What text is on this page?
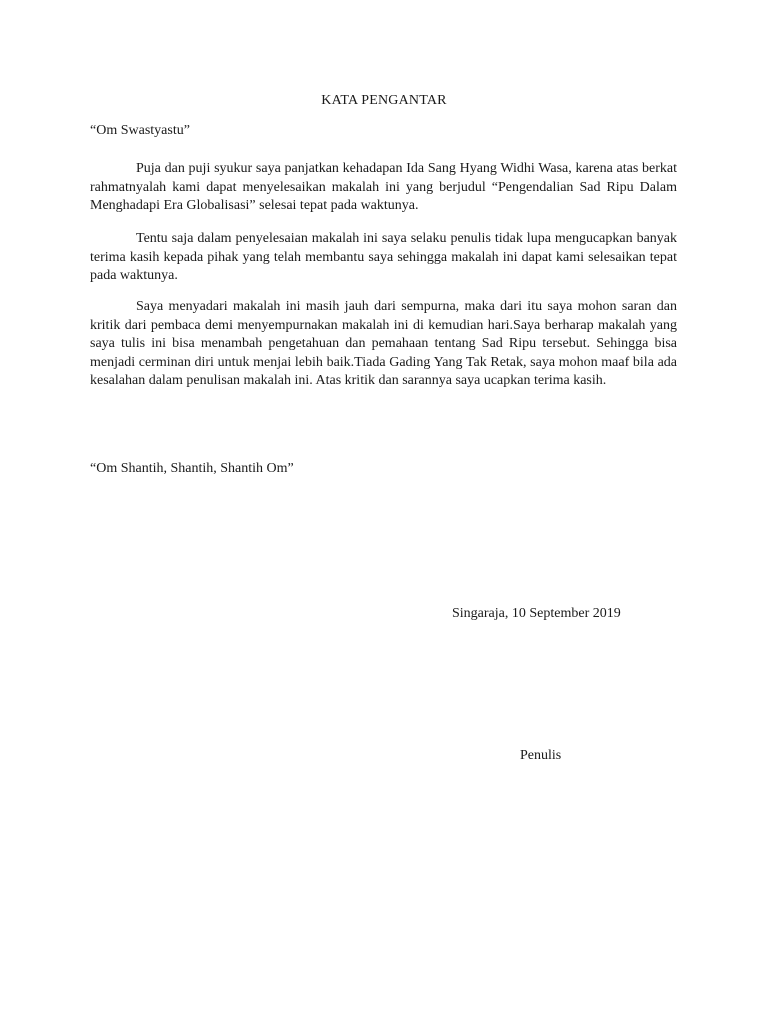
KATA PENGANTAR
“Om Swastyastu”

Puja dan puji syukur saya panjatkan kehadapan Ida Sang Hyang Widhi Wasa, karena atas berkat rahmatnyalah kami dapat menyelesaikan makalah ini yang berjudul “Pengendalian Sad Ripu Dalam Menghadapi Era Globalisasi” selesai tepat pada waktunya.

Tentu saja dalam penyelesaian makalah ini saya selaku penulis tidak lupa mengucapkan banyak terima kasih kepada pihak yang telah membantu saya sehingga makalah ini dapat kami selesaikan tepat pada waktunya.

Saya menyadari makalah ini masih jauh dari sempurna, maka dari itu saya mohon saran dan kritik dari pembaca demi menyempurnakan makalah ini di kemudian hari.Saya berharap makalah yang saya tulis ini bisa menambah pengetahuan dan pemahaan tentang Sad Ripu tersebut. Sehingga bisa menjadi cerminan diri untuk menjai lebih baik.Tiada Gading Yang Tak Retak, saya mohon maaf bila ada kesalahan dalam penulisan makalah ini. Atas kritik dan sarannya saya ucapkan terima kasih.

“Om Shantih, Shantih, Shantih Om”
Singaraja, 10 September 2019
Penulis
